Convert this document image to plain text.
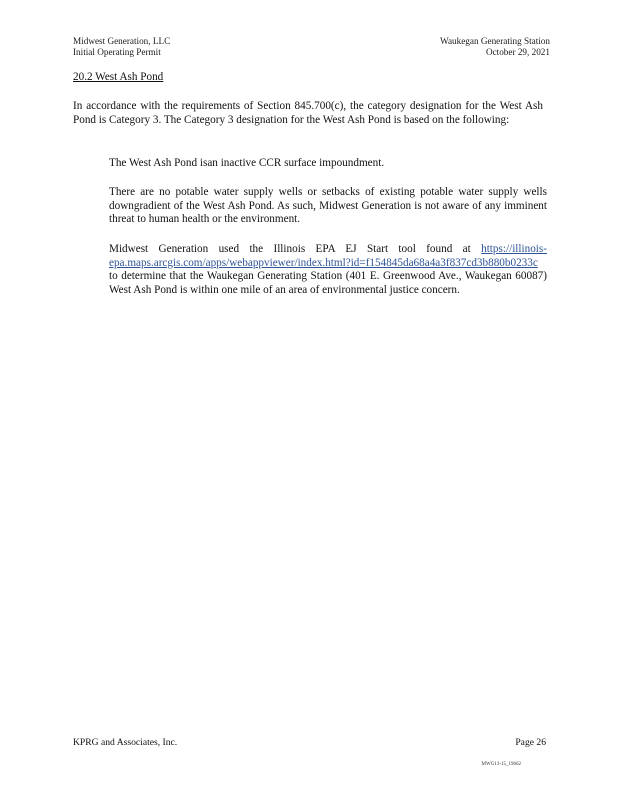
Midwest Generation, LLC
Initial Operating Permit
Waukegan Generating Station
October 29, 2021
20.2 West Ash Pond
In accordance with the requirements of Section 845.700(c), the category designation for the West Ash Pond is Category 3. The Category 3 designation for the West Ash Pond is based on the following:
The West Ash Pond isan inactive CCR surface impoundment.
There are no potable water supply wells or setbacks of existing potable water supply wells downgradient of the West Ash Pond. As such, Midwest Generation is not aware of any imminent threat to human health or the environment.
Midwest Generation used the Illinois EPA EJ Start tool found at https://illinois-epa.maps.arcgis.com/apps/webappviewer/index.html?id=f154845da68a4a3f837cd3b880b0233c to determine that the Waukegan Generating Station (401 E. Greenwood Ave., Waukegan 60087) West Ash Pond is within one mile of an area of environmental justice concern.
KPRG and Associates, Inc.	Page 26
MWG13-15_19662
